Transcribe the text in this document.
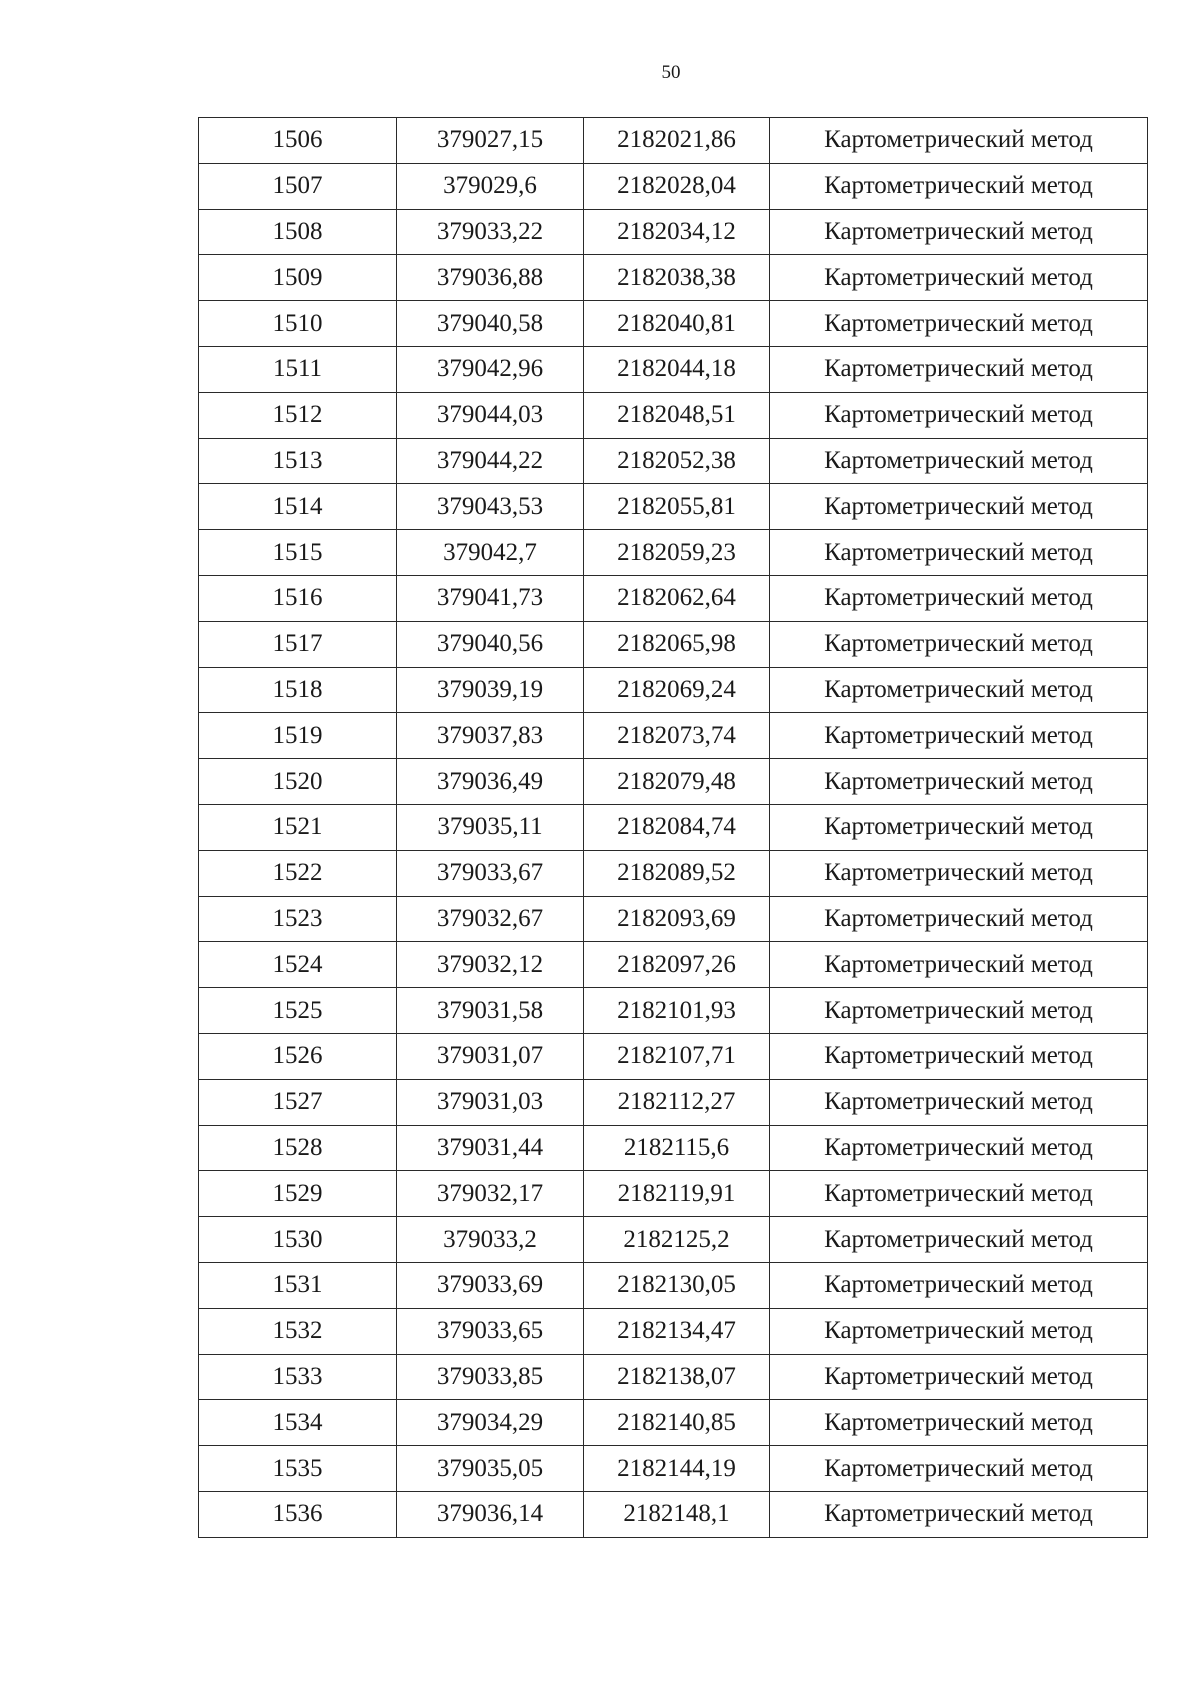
50
1506	379027,15	2182021,86	Картометрический метод
1507	379029,6	2182028,04	Картометрический метод
1508	379033,22	2182034,12	Картометрический метод
1509	379036,88	2182038,38	Картометрический метод
1510	379040,58	2182040,81	Картометрический метод
1511	379042,96	2182044,18	Картометрический метод
1512	379044,03	2182048,51	Картометрический метод
1513	379044,22	2182052,38	Картометрический метод
1514	379043,53	2182055,81	Картометрический метод
1515	379042,7	2182059,23	Картометрический метод
1516	379041,73	2182062,64	Картометрический метод
1517	379040,56	2182065,98	Картометрический метод
1518	379039,19	2182069,24	Картометрический метод
1519	379037,83	2182073,74	Картометрический метод
1520	379036,49	2182079,48	Картометрический метод
1521	379035,11	2182084,74	Картометрический метод
1522	379033,67	2182089,52	Картометрический метод
1523	379032,67	2182093,69	Картометрический метод
1524	379032,12	2182097,26	Картометрический метод
1525	379031,58	2182101,93	Картометрический метод
1526	379031,07	2182107,71	Картометрический метод
1527	379031,03	2182112,27	Картометрический метод
1528	379031,44	2182115,6	Картометрический метод
1529	379032,17	2182119,91	Картометрический метод
1530	379033,2	2182125,2	Картометрический метод
1531	379033,69	2182130,05	Картометрический метод
1532	379033,65	2182134,47	Картометрический метод
1533	379033,85	2182138,07	Картометрический метод
1534	379034,29	2182140,85	Картометрический метод
1535	379035,05	2182144,19	Картометрический метод
1536	379036,14	2182148,1	Картометрический метод
